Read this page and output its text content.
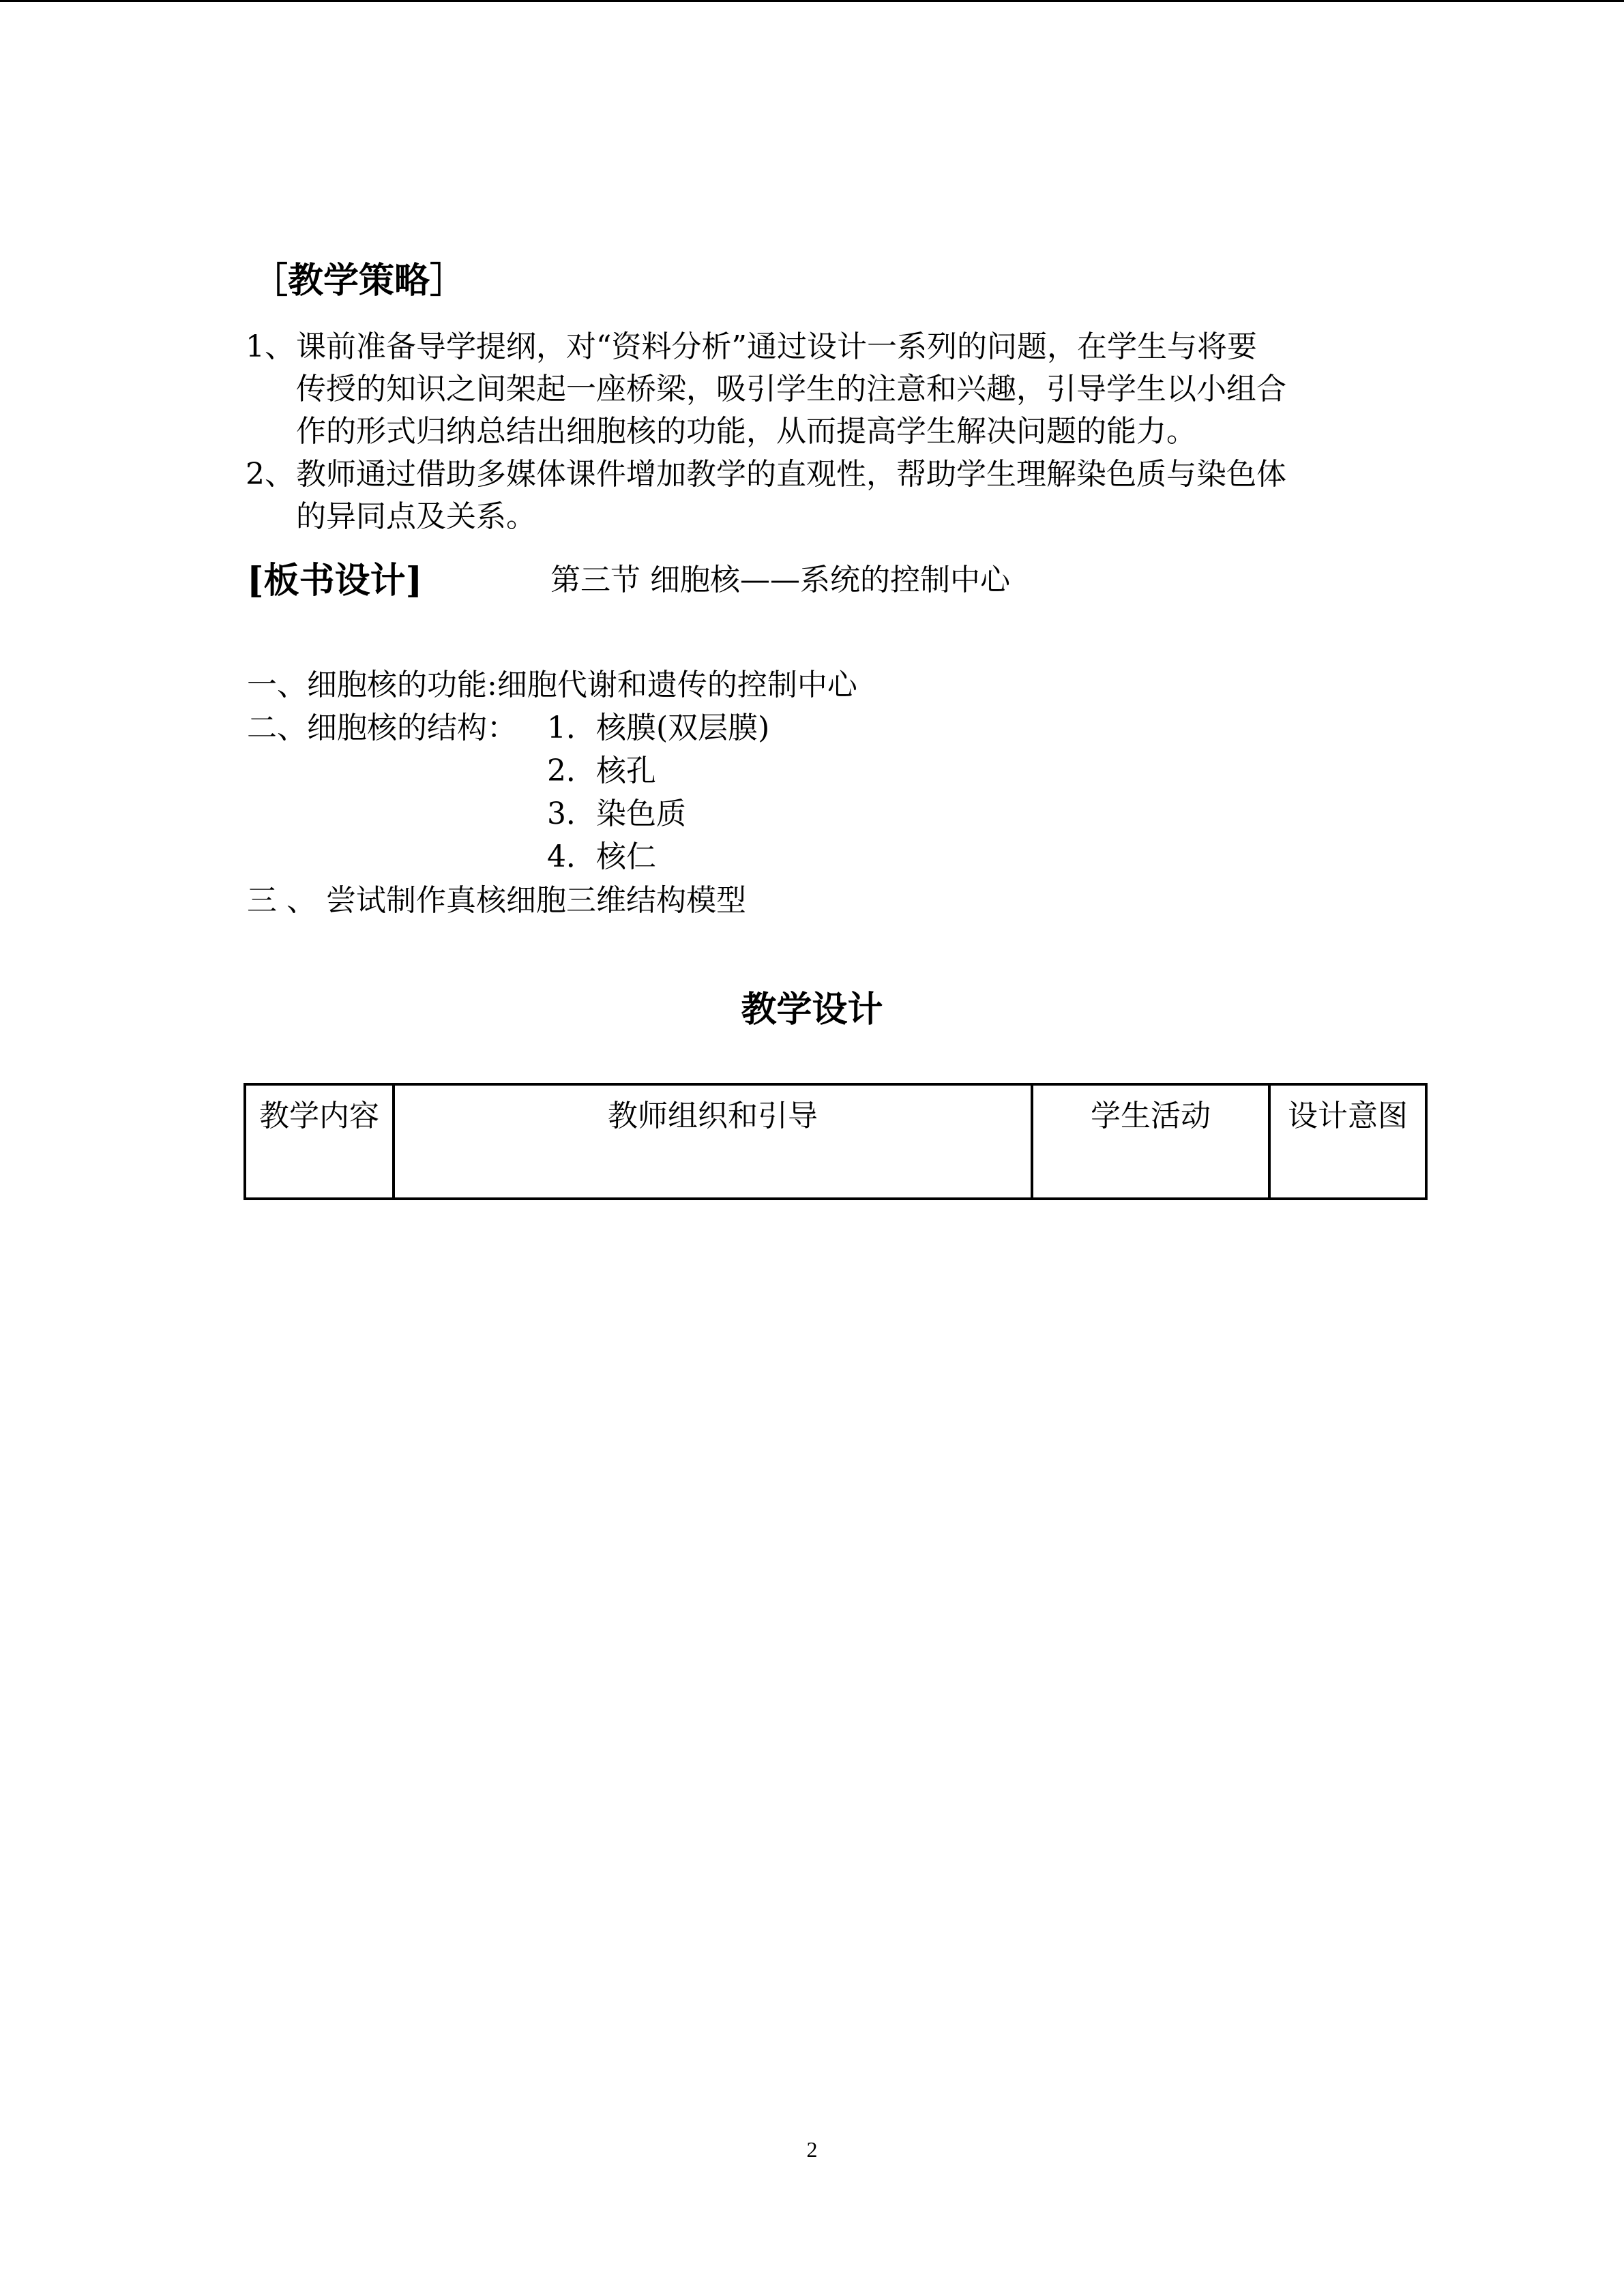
［教学策略］
1、课前准备导学提纲，对“资料分析”通过设计一系列的问题，在学生与将要
传授的知识之间架起一座桥梁，吸引学生的注意和兴趣，引导学生以小组合
作的形式归纳总结出细胞核的功能，从而提高学生解决问题的能力。
2、教师通过借助多媒体课件增加教学的直观性，帮助学生理解染色质与染色体
的异同点及关系。
[板书设计]	第三节 细胞核——系统的控制中心
一、细胞核的功能:细胞代谢和遗传的控制中心
二、细胞核的结构： 1．核膜(双层膜)
2．核孔
3．染色质
4．核仁
三 、 尝试制作真核细胞三维结构模型
教学设计
教学内容	教师组织和引导	学生活动	设计意图
2
